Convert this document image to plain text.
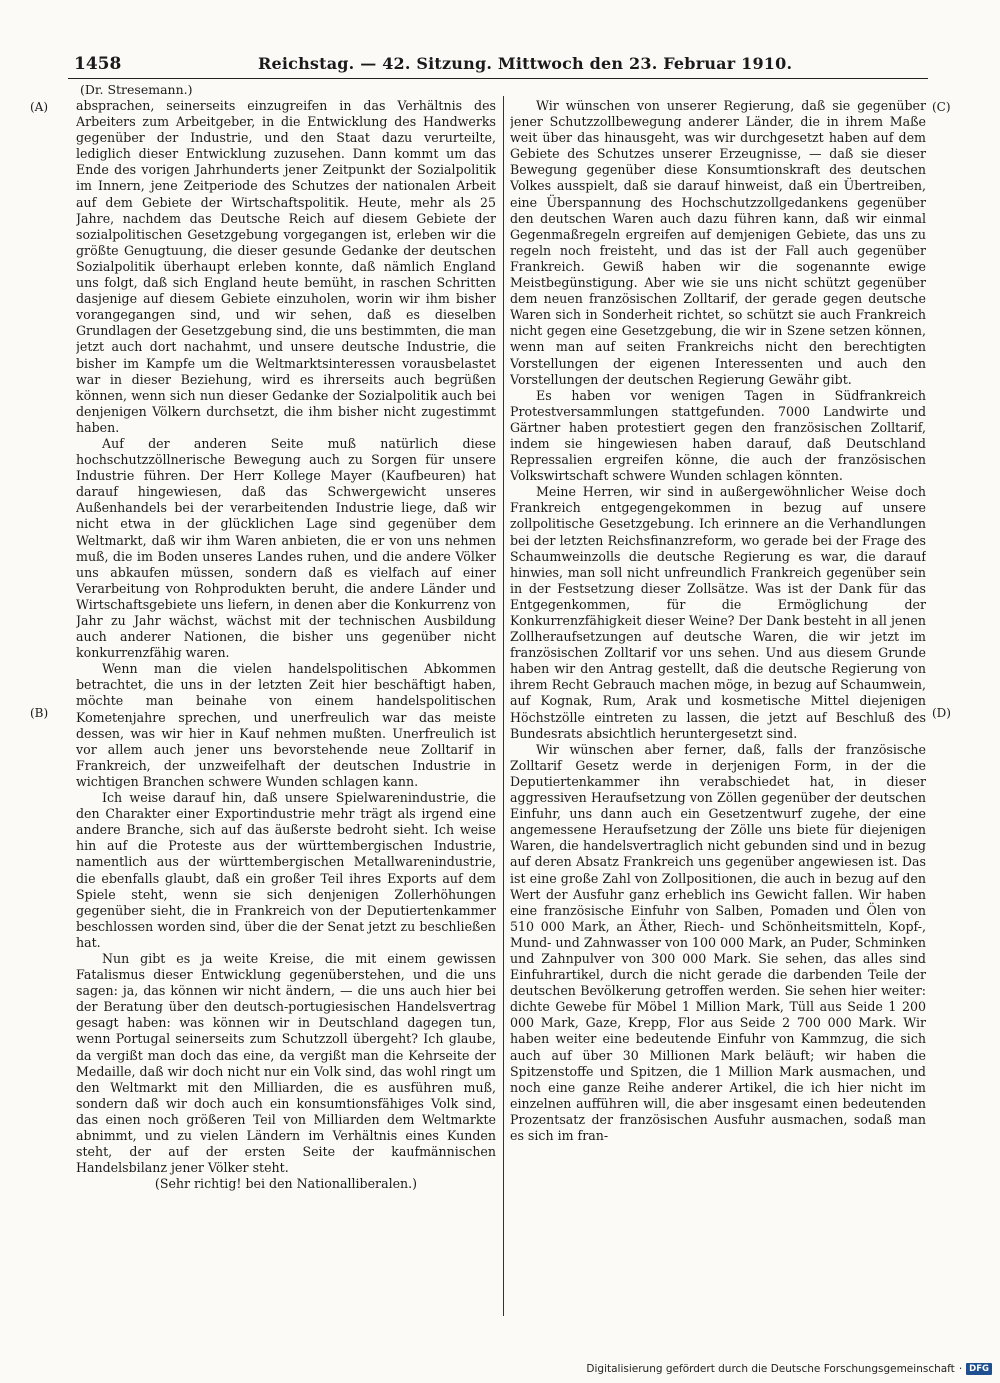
1458	Reichstag. — 42. Sitzung. Mittwoch den 23. Februar 1910.
(Dr. Stresemann.)
(A)
(B)
(C)
(D)

absprachen, seinerseits einzugreifen in das Verhältnis des Arbeiters zum Arbeitgeber, in die Entwicklung des Handwerks gegenüber der Industrie, und den Staat dazu verurteilte, lediglich dieser Entwicklung zuzusehen. Dann kommt um das Ende des vorigen Jahrhunderts jener Zeitpunkt der Sozialpolitik im Innern, jene Zeitperiode des Schutzes der nationalen Arbeit auf dem Gebiete der Wirtschaftspolitik. Heute, mehr als 25 Jahre, nachdem das Deutsche Reich auf diesem Gebiete der sozialpolitischen Gesetzgebung vorgegangen ist, erleben wir die größte Genugtuung, die dieser gesunde Gedanke der deutschen Sozialpolitik überhaupt erleben konnte, daß nämlich England uns folgt, daß sich England heute bemüht, in raschen Schritten dasjenige auf diesem Gebiete einzuholen, worin wir ihm bisher vorangegangen sind, und wir sehen, daß es dieselben Grundlagen der Gesetzgebung sind, die uns bestimmten, die man jetzt auch dort nachahmt, und unsere deutsche Industrie, die bisher im Kampfe um die Weltmarktsinteressen vorausbelastet war in dieser Beziehung, wird es ihrerseits auch begrüßen können, wenn sich nun dieser Gedanke der Sozialpolitik auch bei denjenigen Völkern durchsetzt, die ihm bisher nicht zugestimmt haben.

Auf der anderen Seite muß natürlich diese hochschutzzöllnerische Bewegung auch zu Sorgen für unsere Industrie führen. Der Herr Kollege Mayer (Kaufbeuren) hat darauf hingewiesen, daß das Schwergewicht unseres Außenhandels bei der verarbeitenden Industrie liege, daß wir nicht etwa in der glücklichen Lage sind gegenüber dem Weltmarkt, daß wir ihm Waren anbieten, die er von uns nehmen muß, die im Boden unseres Landes ruhen, und die andere Völker uns abkaufen müssen, sondern daß es vielfach auf einer Verarbeitung von Rohprodukten beruht, die andere Länder und Wirtschaftsgebiete uns liefern, in denen aber die Konkurrenz von Jahr zu Jahr wächst, wächst mit der technischen Ausbildung auch anderer Nationen, die bisher uns gegenüber nicht konkurrenzfähig waren.

Wenn man die vielen handelspolitischen Abkommen betrachtet, die uns in der letzten Zeit hier beschäftigt haben, möchte man beinahe von einem handelspolitischen Kometenjahre sprechen, und unerfreulich war das meiste dessen, was wir hier in Kauf nehmen mußten. Unerfreulich ist vor allem auch jener uns bevorstehende neue Zolltarif in Frankreich, der unzweifelhaft der deutschen Industrie in wichtigen Branchen schwere Wunden schlagen kann.

Ich weise darauf hin, daß unsere Spielwarenindustrie, die den Charakter einer Exportindustrie mehr trägt als irgend eine andere Branche, sich auf das äußerste bedroht sieht. Ich weise hin auf die Proteste aus der württembergischen Industrie, namentlich aus der württembergischen Metallwarenindustrie, die ebenfalls glaubt, daß ein großer Teil ihres Exports auf dem Spiele steht, wenn sie sich denjenigen Zollerhöhungen gegenüber sieht, die in Frankreich von der Deputiertenkammer beschlossen worden sind, über die der Senat jetzt zu beschließen hat.

Nun gibt es ja weite Kreise, die mit einem gewissen Fatalismus dieser Entwicklung gegenüberstehen, und die uns sagen: ja, das können wir nicht ändern, — die uns auch hier bei der Beratung über den deutsch-portugiesischen Handelsvertrag gesagt haben: was können wir in Deutschland dagegen tun, wenn Portugal seinerseits zum Schutzzoll übergeht? Ich glaube, da vergißt man doch das eine, da vergißt man die Kehrseite der Medaille, daß wir doch nicht nur ein Volk sind, das wohl ringt um den Weltmarkt mit den Milliarden, die es ausführen muß, sondern daß wir doch auch ein konsumtionsfähiges Volk sind, das einen noch größeren Teil von Milliarden dem Weltmarkte abnimmt, und zu vielen Ländern im Verhältnis eines Kunden steht, der auf der ersten Seite der kaufmännischen Handelsbilanz jener Völker steht.

(Sehr richtig! bei den Nationalliberalen.)

Wir wünschen von unserer Regierung, daß sie gegenüber jener Schutzzollbewegung anderer Länder, die in ihrem Maße weit über das hinausgeht, was wir durchgesetzt haben auf dem Gebiete des Schutzes unserer Erzeugnisse, — daß sie dieser Bewegung gegenüber diese Konsumtionskraft des deutschen Volkes ausspielt, daß sie darauf hinweist, daß ein Übertreiben, eine Überspannung des Hochschutzzollgedankens gegenüber den deutschen Waren auch dazu führen kann, daß wir einmal Gegenmaßregeln ergreifen auf demjenigen Gebiete, das uns zu regeln noch freisteht, und das ist der Fall auch gegenüber Frankreich. Gewiß haben wir die sogenannte ewige Meistbegünstigung. Aber wie sie uns nicht schützt gegenüber dem neuen französischen Zolltarif, der gerade gegen deutsche Waren sich in Sonderheit richtet, so schützt sie auch Frankreich nicht gegen eine Gesetzgebung, die wir in Szene setzen können, wenn man auf seiten Frankreichs nicht den berechtigten Vorstellungen der eigenen Interessenten und auch den Vorstellungen der deutschen Regierung Gewähr gibt.

Es haben vor wenigen Tagen in Südfrankreich Protestversammlungen stattgefunden. 7000 Landwirte und Gärtner haben protestiert gegen den französischen Zolltarif, indem sie hingewiesen haben darauf, daß Deutschland Repressalien ergreifen könne, die auch der französischen Volkswirtschaft schwere Wunden schlagen könnten.

Meine Herren, wir sind in außergewöhnlicher Weise doch Frankreich entgegengekommen in bezug auf unsere zollpolitische Gesetzgebung. Ich erinnere an die Verhandlungen bei der letzten Reichsfinanzreform, wo gerade bei der Frage des Schaumweinzolls die deutsche Regierung es war, die darauf hinwies, man soll nicht unfreundlich Frankreich gegenüber sein in der Festsetzung dieser Zollsätze. Was ist der Dank für das Entgegenkommen, für die Ermöglichung der Konkurrenzfähigkeit dieser Weine? Der Dank besteht in all jenen Zollheraufsetzungen auf deutsche Waren, die wir jetzt im französischen Zolltarif vor uns sehen. Und aus diesem Grunde haben wir den Antrag gestellt, daß die deutsche Regierung von ihrem Recht Gebrauch machen möge, in bezug auf Schaumwein, auf Kognak, Rum, Arak und kosmetische Mittel diejenigen Höchstzölle eintreten zu lassen, die jetzt auf Beschluß des Bundesrats absichtlich heruntergesetzt sind.

Wir wünschen aber ferner, daß, falls der französische Zolltarif Gesetz werde in derjenigen Form, in der die Deputiertenkammer ihn verabschiedet hat, in dieser aggressiven Heraufsetzung von Zöllen gegenüber der deutschen Einfuhr, uns dann auch ein Gesetzentwurf zugehe, der eine angemessene Heraufsetzung der Zölle uns biete für diejenigen Waren, die handelsvertraglich nicht gebunden sind und in bezug auf deren Absatz Frankreich uns gegenüber angewiesen ist. Das ist eine große Zahl von Zollpositionen, die auch in bezug auf den Wert der Ausfuhr ganz erheblich ins Gewicht fallen. Wir haben eine französische Einfuhr von Salben, Pomaden und Ölen von 510 000 Mark, an Äther, Riech- und Schönheitsmitteln, Kopf-, Mund- und Zahnwasser von 100 000 Mark, an Puder, Schminken und Zahnpulver von 300 000 Mark. Sie sehen, das alles sind Einfuhrartikel, durch die nicht gerade die darbenden Teile der deutschen Bevölkerung getroffen werden. Sie sehen hier weiter: dichte Gewebe für Möbel 1 Million Mark, Tüll aus Seide 1 200 000 Mark, Gaze, Krepp, Flor aus Seide 2 700 000 Mark. Wir haben weiter eine bedeutende Einfuhr von Kammzug, die sich auch auf über 30 Millionen Mark beläuft; wir haben die Spitzenstoffe und Spitzen, die 1 Million Mark ausmachen, und noch eine ganze Reihe anderer Artikel, die ich hier nicht im einzelnen aufführen will, die aber insgesamt einen bedeutenden Prozentsatz der französischen Ausfuhr ausmachen, sodaß man es sich im fran-

Digitalisierung gefördert durch die Deutsche Forschungsgemeinschaft · DFG
